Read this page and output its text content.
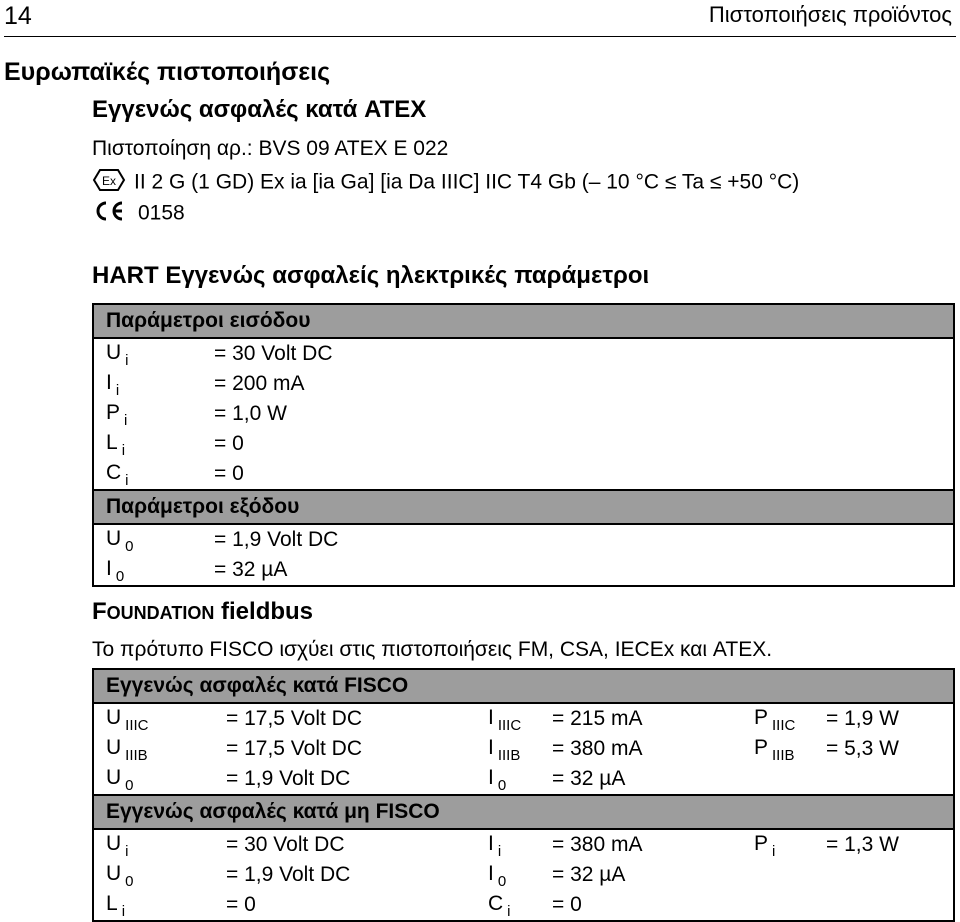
14	Πιστοποιήσεις προϊόντος
Ευρωπαϊκές πιστοποιήσεις
Εγγενώς ασφαλές κατά ATEX
Πιστοποίηση αρ.: BVS 09 ATEX E 022
Ex II 2 G (1 GD) Ex ia [ia Ga] [ia Da IIIC] IIC T4 Gb (– 10 °C ≤ Ta ≤ +50 °C)
0158
HART Εγγενώς ασφαλείς ηλεκτρικές παράμετροι
Παράμετροι εισόδου	
U $_i$	= 30 Volt DC
I $_i$	= 200 mA
P $_i$	= 1,0 W
L $_i$	= 0
C $_i$	= 0
Παράμετροι εξόδου	
U $_0$	= 1,9 Volt DC
I $_0$	= 32 µA
FOUNDATION fieldbus
Το πρότυπο FISCO ισχύει στις πιστοποιήσεις FM, CSA, IECEx και ATEX.
Εγγενώς ασφαλές κατά FISCO					
U $_{IIIC}$	= 17,5 Volt DC	I $_{IIIC}$	= 215 mA	P $_{IIIC}$	= 1,9 W
U $_{IIIB}$	= 17,5 Volt DC	I $_{IIIB}$	= 380 mA	P $_{IIIB}$	= 5,3 W
U $_0$	= 1,9 Volt DC	I $_0$	= 32 µA		
Εγγενώς ασφαλές κατά μη FISCO					
U $_i$	= 30 Volt DC	I $_i$	= 380 mA	P $_i$	= 1,3 W
U $_0$	= 1,9 Volt DC	I $_0$	= 32 µA		
L $_i$	= 0	C $_i$	= 0		
